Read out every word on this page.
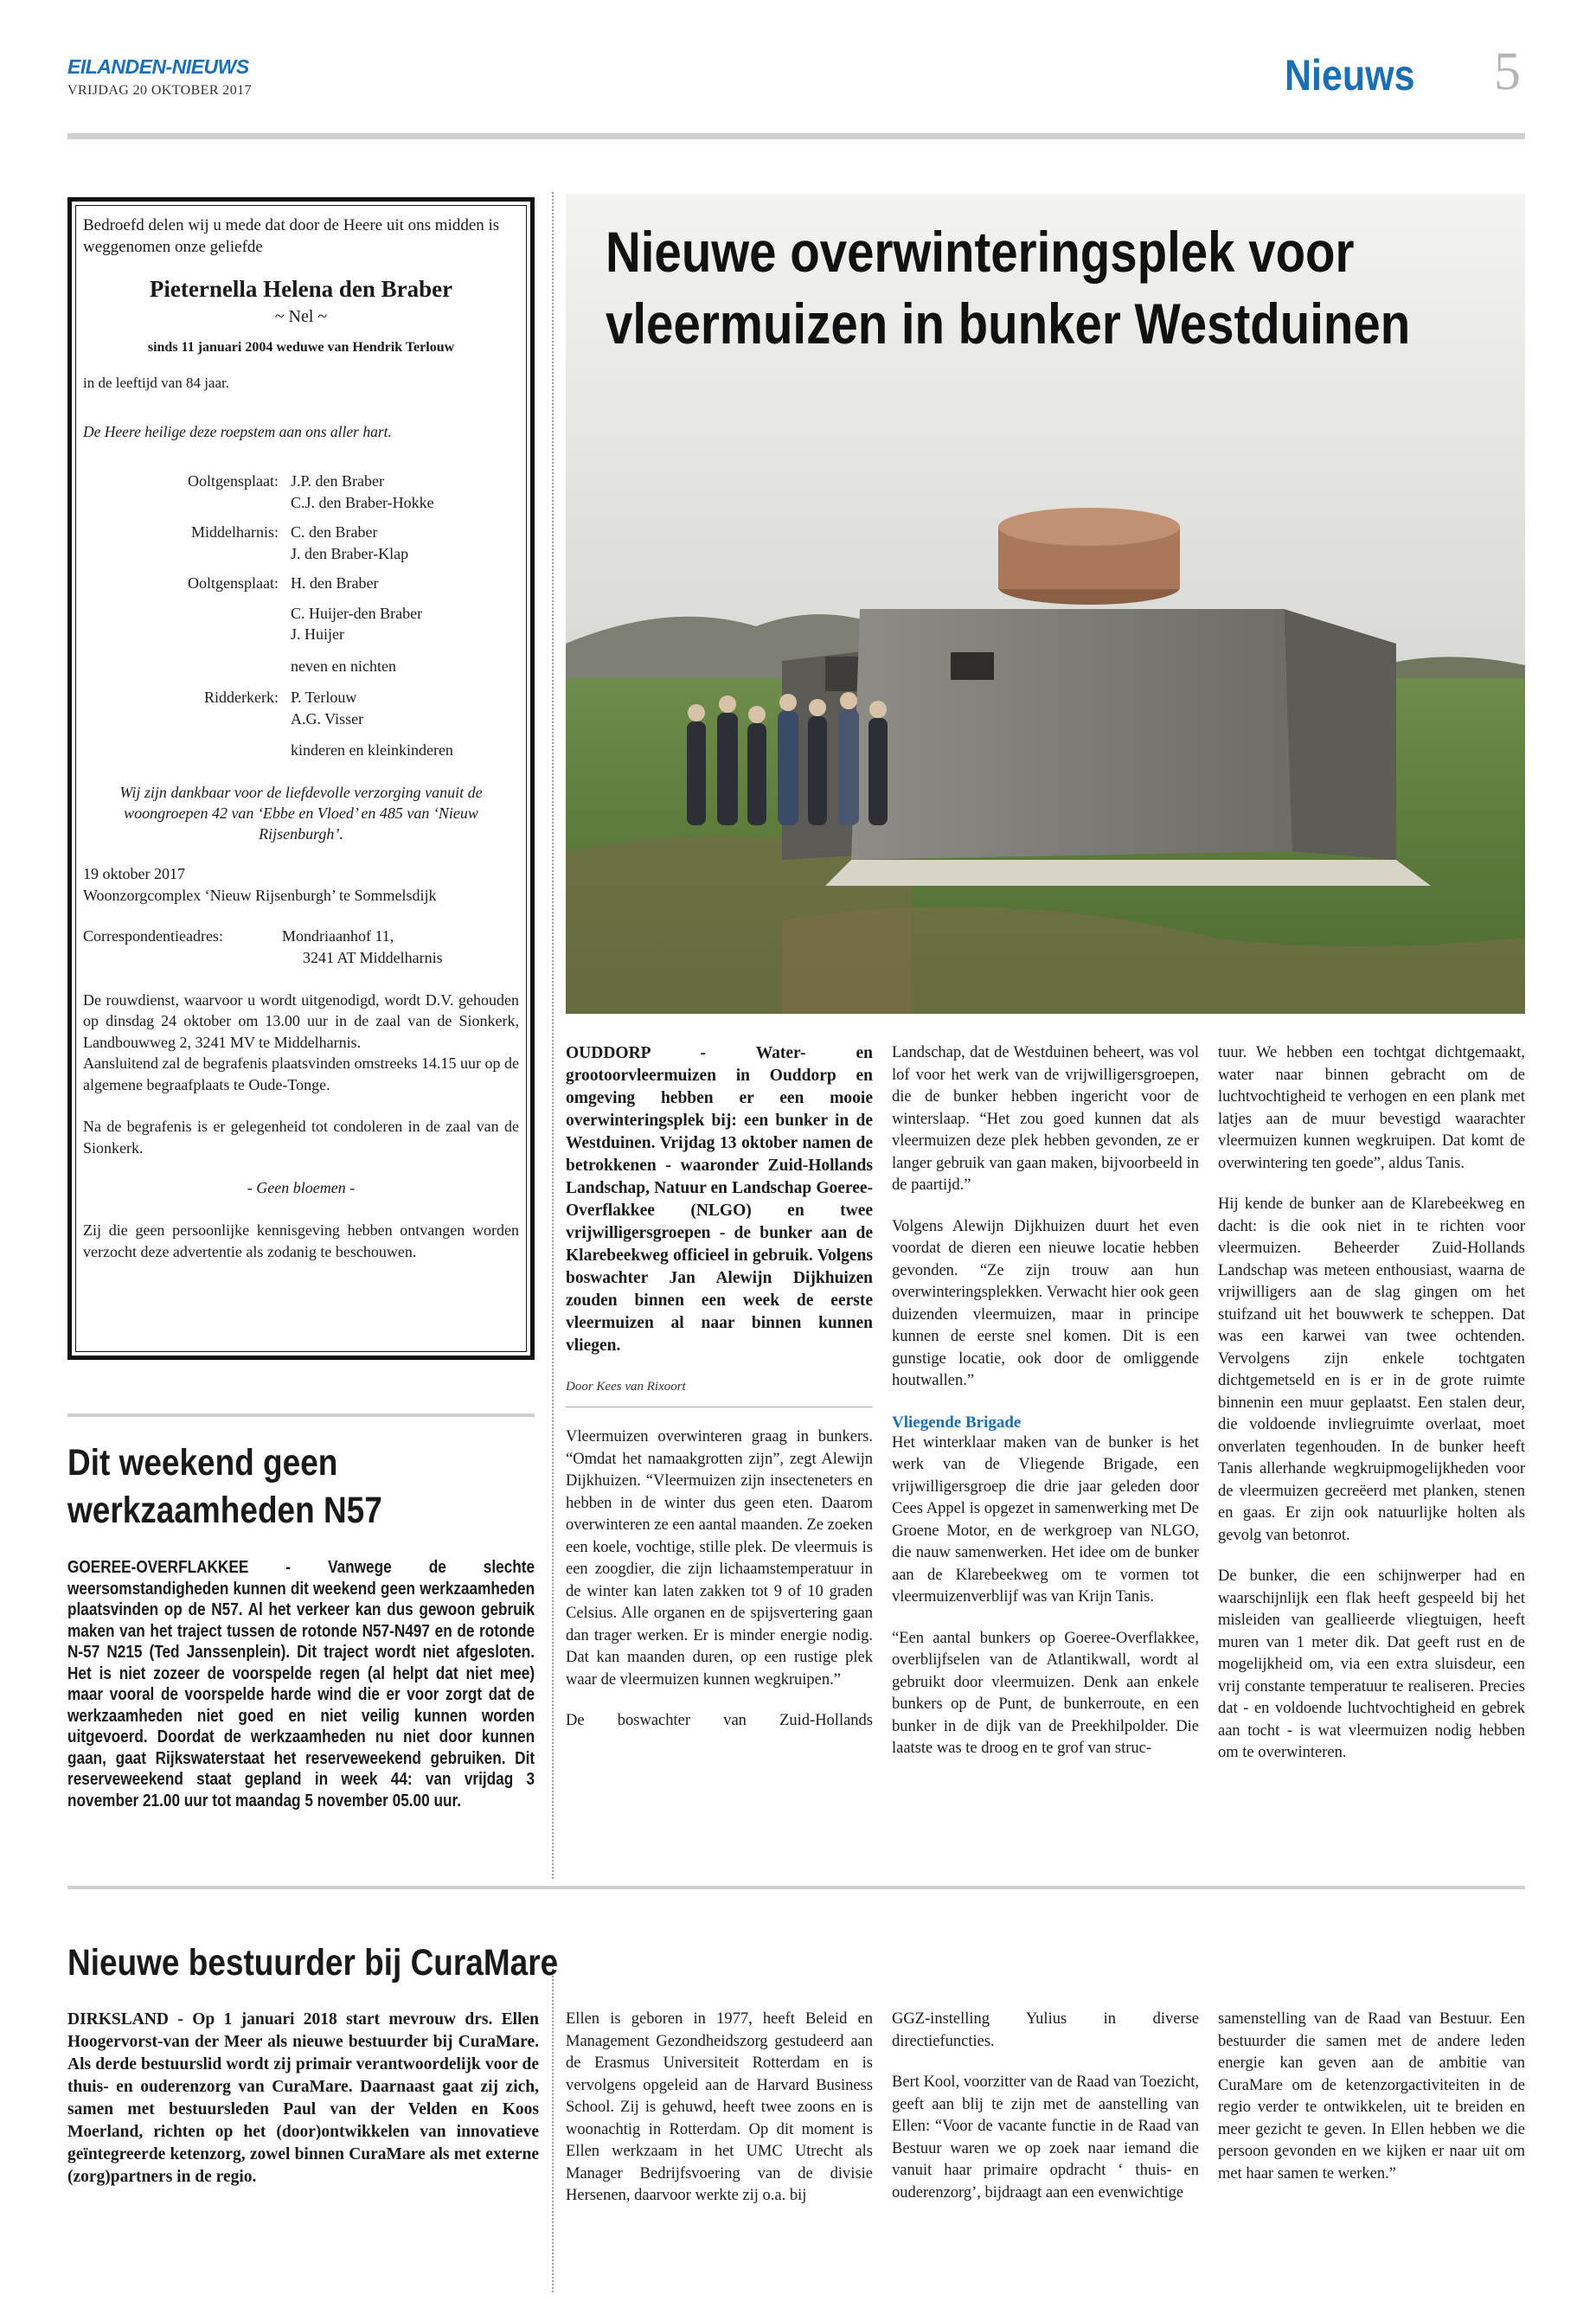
EILANDEN-NIEUWS
VRIJDAG 20 OKTOBER 2017	Nieuws 5
Bedroefd delen wij u mede dat door de Heere uit ons midden is weggenomen onze geliefde
Pieternella Helena den Braber
~ Nel ~
sinds 11 januari 2004 weduwe van Hendrik Terlouw
in de leeftijd van 84 jaar.
De Heere heilige deze roepstem aan ons aller hart.
Ooltgensplaat: J.P. den Braber
C.J. den Braber-Hokke
Middelharnis: C. den Braber
J. den Braber-Klap
Ooltgensplaat: H. den Braber
C. Huijer-den Braber
J. Huijer
neven en nichten
Ridderkerk: P. Terlouw
A.G. Visser
kinderen en kleinkinderen
Wij zijn dankbaar voor de liefdevolle verzorging vanuit de woongroepen 42 van ‘Ebbe en Vloed’ en 485 van ‘Nieuw Rijsenburgh’.
19 oktober 2017
Woonzorgcomplex ‘Nieuw Rijsenburgh’ te Sommelsdijk
Correspondentieadres:	Mondriaanhof 11,
3241 AT Middelharnis
De rouwdienst, waarvoor u wordt uitgenodigd, wordt D.V. gehouden op dinsdag 24 oktober om 13.00 uur in de zaal van de Sionkerk, Landbouwweg 2, 3241 MV te Middelharnis.
Aansluitend zal de begrafenis plaatsvinden omstreeks 14.15 uur op de algemene begraafplaats te Oude-Tonge.
Na de begrafenis is er gelegenheid tot condoleren in de zaal van de Sionkerk.
- Geen bloemen -
Zij die geen persoonlijke kennisgeving hebben ontvangen worden verzocht deze advertentie als zodanig te beschouwen.
Dit weekend geen werkzaamheden N57
GOEREE-OVERFLAKKEE - Vanwege de slechte weersomstandigheden kunnen dit weekend geen werkzaamheden plaatsvinden op de N57. Al het verkeer kan dus gewoon gebruik maken van het traject tussen de rotonde N57-N497 en de rotonde N-57 N215 (Ted Janssenplein). Dit traject wordt niet afgesloten. Het is niet zozeer de voorspelde regen (al helpt dat niet mee) maar vooral de voorspelde harde wind die er voor zorgt dat de werkzaamheden niet goed en niet veilig kunnen worden uitgevoerd. Doordat de werkzaamheden nu niet door kunnen gaan, gaat Rijkswaterstaat het reserveweekend gebruiken. Dit reserveweekend staat gepland in week 44: van vrijdag 3 november 21.00 uur tot maandag 5 november 05.00 uur.
Nieuwe overwinteringsplek voor vleermuizen in bunker Westduinen
OUDDORP - Water- en grootoorvleermuizen in Ouddorp en omgeving hebben er een mooie overwinteringsplek bij: een bunker in de Westduinen. Vrijdag 13 oktober namen de betrokkenen - waaronder Zuid-Hollands Landschap, Natuur en Landschap Goeree-Overflakkee (NLGO) en twee vrijwilligersgroepen - de bunker aan de Klarebeekweg officieel in gebruik. Volgens boswachter Jan Alewijn Dijkhuizen zouden binnen een week de eerste vleermuizen al naar binnen kunnen vliegen.
Door Kees van Rixoort
Vleermuizen overwinteren graag in bunkers. “Omdat het namaakgrotten zijn”, zegt Alewijn Dijkhuizen. “Vleermuizen zijn insecteneters en hebben in de winter dus geen eten. Daarom overwinteren ze een aantal maanden. Ze zoeken een koele, vochtige, stille plek. De vleermuis is een zoogdier, die zijn lichaamstemperatuur in de winter kan laten zakken tot 9 of 10 graden Celsius. Alle organen en de spijsvertering gaan dan trager werken. Er is minder energie nodig. Dat kan maanden duren, op een rustige plek waar de vleermuizen kunnen wegkruipen.”
De boswachter van Zuid-Hollands
Landschap, dat de Westduinen beheert, was vol lof voor het werk van de vrijwilligersgroepen, die de bunker hebben ingericht voor de winterslaap. “Het zou goed kunnen dat als vleermuizen deze plek hebben gevonden, ze er langer gebruik van gaan maken, bijvoorbeeld in de paartijd.”
Volgens Alewijn Dijkhuizen duurt het even voordat de dieren een nieuwe locatie hebben gevonden. “Ze zijn trouw aan hun overwinteringsplekken. Verwacht hier ook geen duizenden vleermuizen, maar in principe kunnen de eerste snel komen. Dit is een gunstige locatie, ook door de omliggende houtwallen.”
Vliegende Brigade
Het winterklaar maken van de bunker is het werk van de Vliegende Brigade, een vrijwilligersgroep die drie jaar geleden door Cees Appel is opgezet in samenwerking met De Groene Motor, en de werkgroep van NLGO, die nauw samenwerken. Het idee om de bunker aan de Klarebeekweg om te vormen tot vleermuizenverblijf was van Krijn Tanis.
“Een aantal bunkers op Goeree-Overflakkee, overblijfselen van de Atlantikwall, wordt al gebruikt door vleermuizen. Denk aan enkele bunkers op de Punt, de bunkerroute, en een bunker in de dijk van de Preekhilpolder. Die laatste was te droog en te grof van struc-
tuur. We hebben een tochtgat dichtgemaakt, water naar binnen gebracht om de luchtvochtigheid te verhogen en een plank met latjes aan de muur bevestigd waarachter vleermuizen kunnen wegkruipen. Dat komt de overwintering ten goede”, aldus Tanis.
Hij kende de bunker aan de Klarebeekweg en dacht: is die ook niet in te richten voor vleermuizen. Beheerder Zuid-Hollands Landschap was meteen enthousiast, waarna de vrijwilligers aan de slag gingen om het stuifzand uit het bouwwerk te scheppen. Dat was een karwei van twee ochtenden. Vervolgens zijn enkele tochtgaten dichtgemetseld en is er in de grote ruimte binnenin een muur geplaatst. Een stalen deur, die voldoende invliegruimte overlaat, moet onverlaten tegenhouden. In de bunker heeft Tanis allerhande wegkruipmogelijkheden voor de vleermuizen gecreëerd met planken, stenen en gaas. Er zijn ook natuurlijke holten als gevolg van betonrot.
De bunker, die een schijnwerper had en waarschijnlijk een flak heeft gespeeld bij het misleiden van geallieerde vliegtuigen, heeft muren van 1 meter dik. Dat geeft rust en de mogelijkheid om, via een extra sluisdeur, een vrij constante temperatuur te realiseren. Precies dat - en voldoende luchtvochtigheid en gebrek aan tocht - is wat vleermuizen nodig hebben om te overwinteren.
Nieuwe bestuurder bij CuraMare
DIRKSLAND - Op 1 januari 2018 start mevrouw drs. Ellen Hoogervorst-van der Meer als nieuwe bestuurder bij CuraMare. Als derde bestuurslid wordt zij primair verantwoordelijk voor de thuis- en ouderenzorg van CuraMare. Daarnaast gaat zij zich, samen met bestuursleden Paul van der Velden en Koos Moerland, richten op het (door)ontwikkelen van innovatieve geïntegreerde ketenzorg, zowel binnen CuraMare als met externe (zorg)partners in de regio.
Ellen is geboren in 1977, heeft Beleid en Management Gezondheidszorg gestudeerd aan de Erasmus Universiteit Rotterdam en is vervolgens opgeleid aan de Harvard Business School. Zij is gehuwd, heeft twee zoons en is woonachtig in Rotterdam. Op dit moment is Ellen werkzaam in het UMC Utrecht als Manager Bedrijfsvoering van de divisie Hersenen, daarvoor werkte zij o.a. bij
GGZ-instelling Yulius in diverse directiefuncties.
Bert Kool, voorzitter van de Raad van Toezicht, geeft aan blij te zijn met de aanstelling van Ellen: “Voor de vacante functie in de Raad van Bestuur waren we op zoek naar iemand die vanuit haar primaire opdracht ‘ thuis- en ouderenzorg’, bijdraagt aan een evenwichtige
samenstelling van de Raad van Bestuur. Een bestuurder die samen met de andere leden energie kan geven aan de ambitie van CuraMare om de ketenzorgactiviteiten in de regio verder te ontwikkelen, uit te breiden en meer gezicht te geven. In Ellen hebben we die persoon gevonden en we kijken er naar uit om met haar samen te werken.”
